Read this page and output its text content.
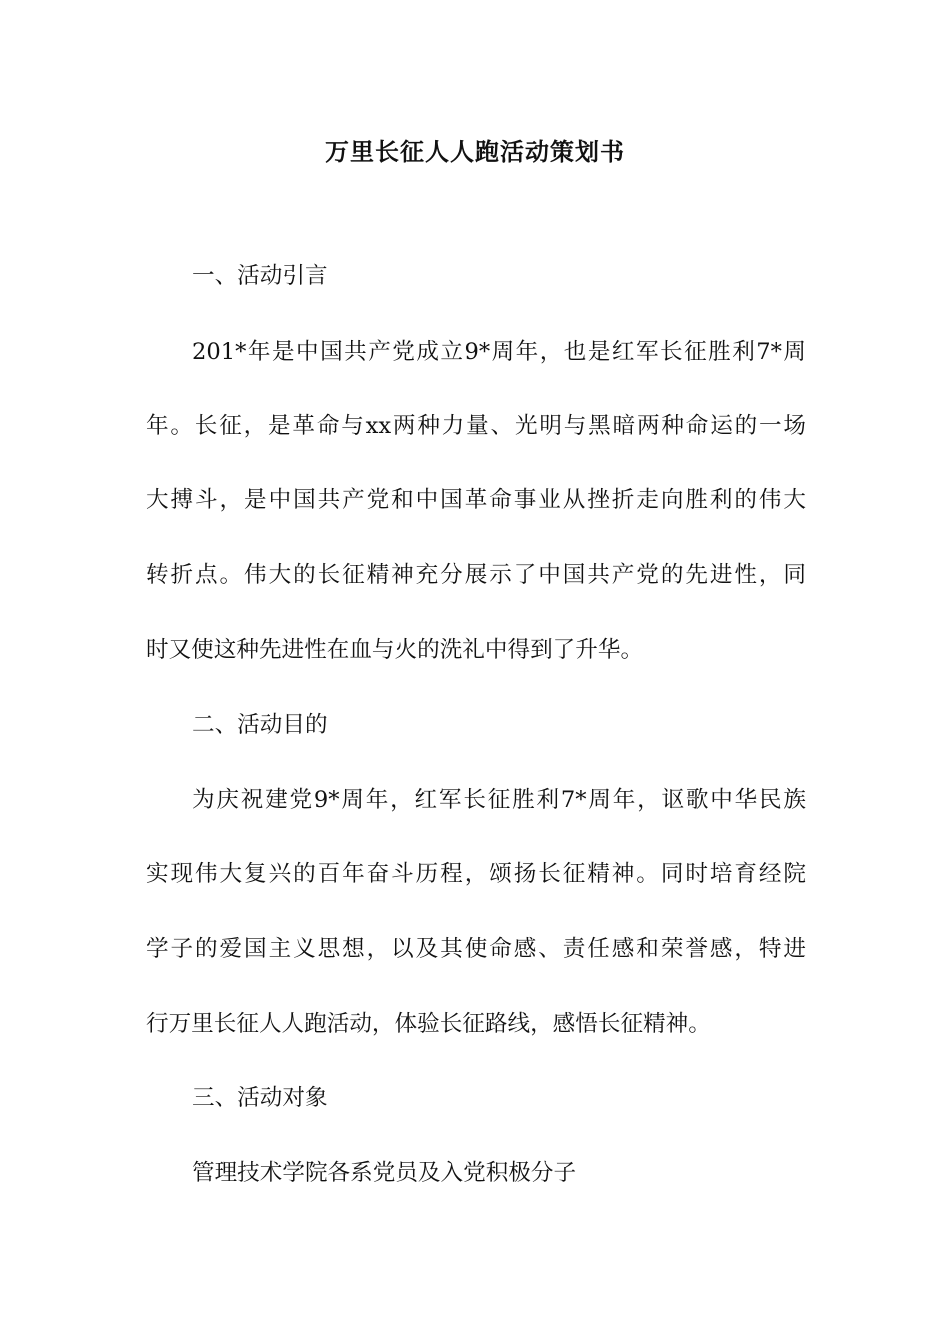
万里长征人人跑活动策划书
一、活动引言
201*年是中国共产党成立9*周年，也是红军长征胜利7*周
年。长征，是革命与xx两种力量、光明与黑暗两种命运的一场
大搏斗，是中国共产党和中国革命事业从挫折走向胜利的伟大
转折点。伟大的长征精神充分展示了中国共产党的先进性，同
时又使这种先进性在血与火的洗礼中得到了升华。
二、活动目的
为庆祝建党9*周年，红军长征胜利7*周年，讴歌中华民族
实现伟大复兴的百年奋斗历程，颂扬长征精神。同时培育经院
学子的爱国主义思想，以及其使命感、责任感和荣誉感，特进
行万里长征人人跑活动，体验长征路线，感悟长征精神。
三、活动对象
管理技术学院各系党员及入党积极分子
